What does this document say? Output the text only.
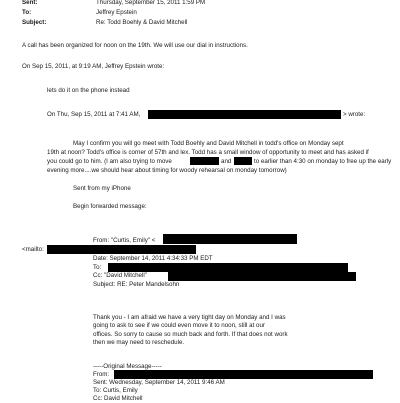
Sent:	Thursday, September 15, 2011 1:59 PM
To:	Jeffrey Epstein
Subject:	Re: Todd Boehly & David Mitchell
A call has been organized for noon on the 19th. We will use our dial in instructions.
On Sep 15, 2011, at 9:19 AM, Jeffrey Epstein wrote:
lets do it on the phone instead
On Thu, Sep 15, 2011 at 7:41 AM,	> wrote:
May I confirm you will go meet with Todd Boehly and David Mitchell in todd's office on Monday sept
19th at noon? Todd's office is corner of 57th and lex. Todd has a small window of opportunity to meet and has asked if
you could go to him. (I am also trying to move	and	to earlier than 4:30 on monday to free up the early
evening more....we should hear about timing for woody rehearsal on monday tomorrow)
Sent from my iPhone
Begin forwarded message:
From: "Curtis, Emily" <
<mailto:
Date: September 14, 2011 4:34:33 PM EDT
To:
Cc: "David Mitchell"
Subject: RE: Peter Mandelsohn
Thank you - I am afraid we have a very tight day on Monday and I was
going to ask to see if we could even move it to noon, still at our
offices. So sorry to cause so much back and forth. If that does not work
then we may need to reschedule.
-----Original Message-----
From:
Sent: Wednesday, September 14, 2011 9:46 AM
To: Curtis, Emily
Cc: David Mitchell
